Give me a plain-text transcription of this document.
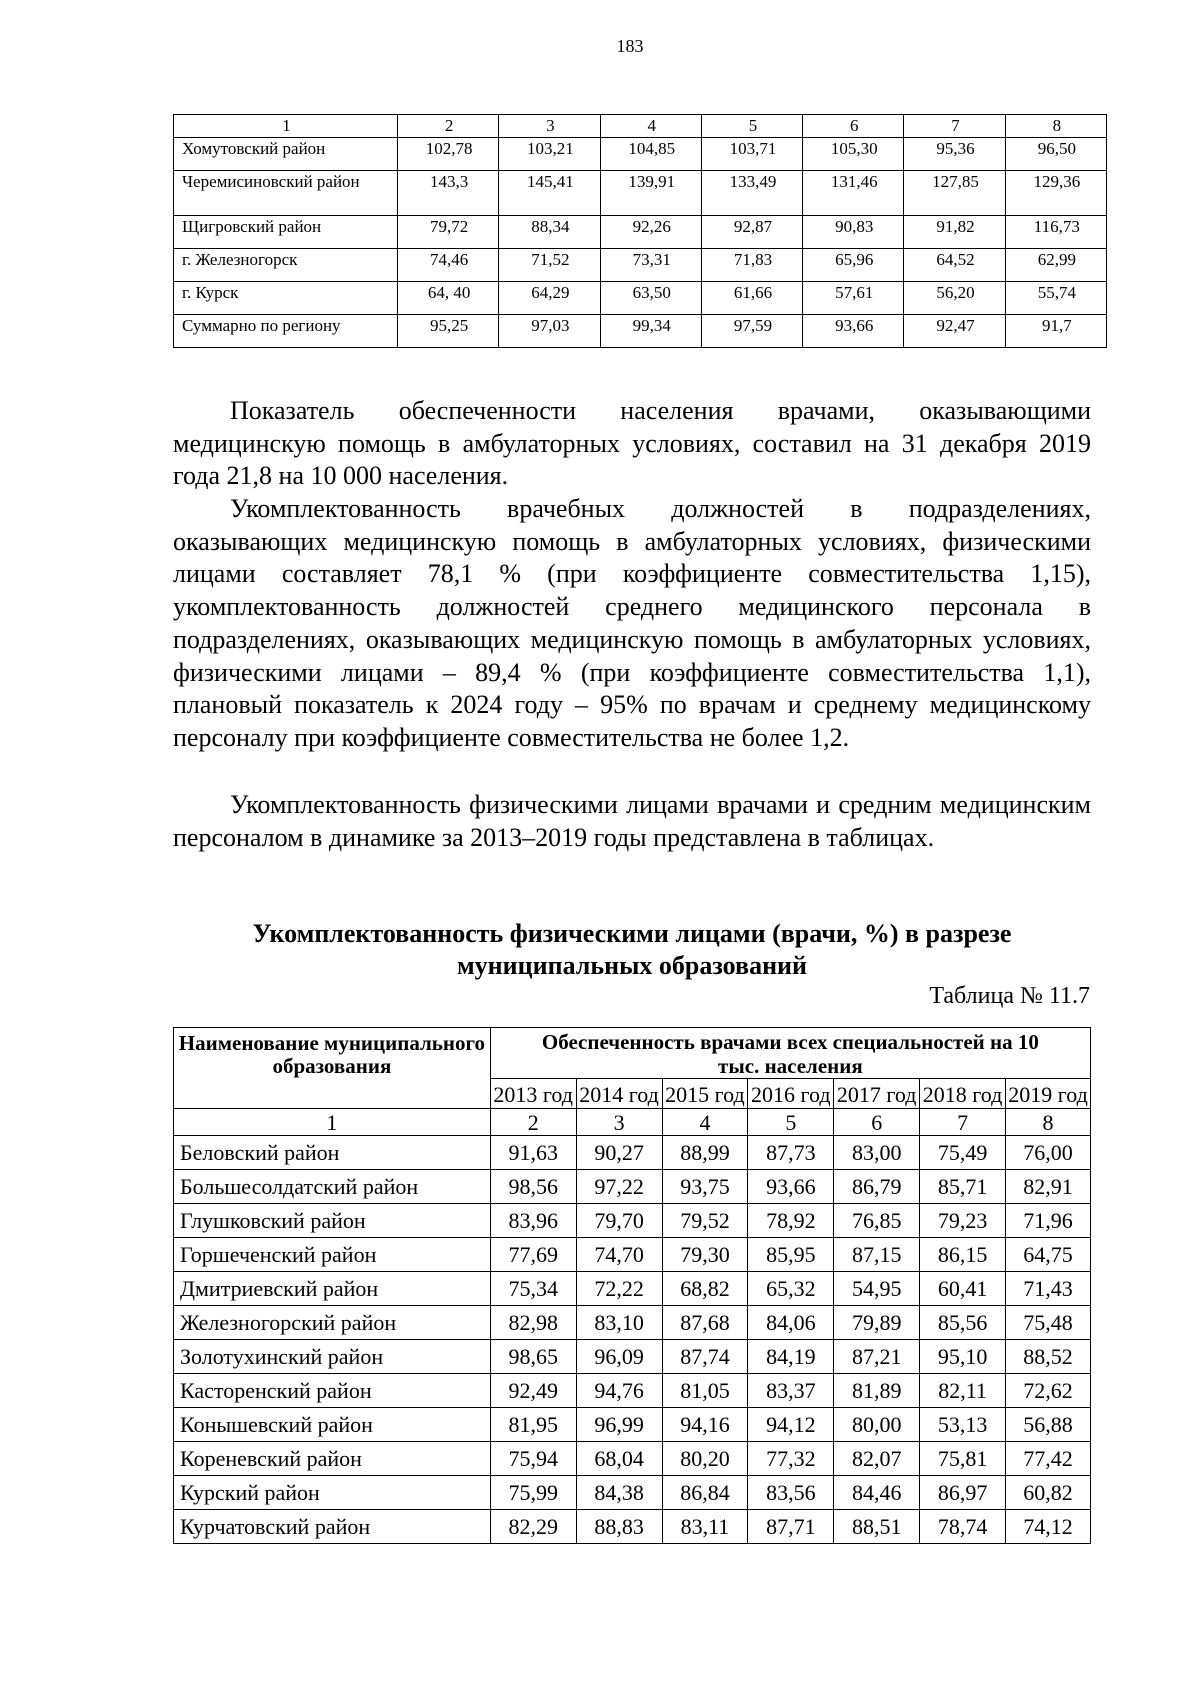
183
1	2	3	4	5	6	7	8
Хомутовский район	102,78	103,21	104,85	103,71	105,30	95,36	96,50
Черемисиновский район	143,3	145,41	139,91	133,49	131,46	127,85	129,36
Щигровский район	79,72	88,34	92,26	92,87	90,83	91,82	116,73
г. Железногорск	74,46	71,52	73,31	71,83	65,96	64,52	62,99
г. Курск	64, 40	64,29	63,50	61,66	57,61	56,20	55,74
Суммарно по региону	95,25	97,03	99,34	97,59	93,66	92,47	91,7

Показатель обеспеченности населения врачами, оказывающими медицинскую помощь в амбулаторных условиях, составил на 31 декабря 2019 года 21,8 на 10 000 населения.

Укомплектованность врачебных должностей в подразделениях, оказывающих медицинскую помощь в амбулаторных условиях, физическими лицами составляет 78,1 % (при коэффициенте совместительства 1,15), укомплектованность должностей среднего медицинского персонала в подразделениях, оказывающих медицинскую помощь в амбулаторных условиях, физическими лицами – 89,4 % (при коэффициенте совместительства 1,1), плановый показатель к 2024 году – 95% по врачам и среднему медицинскому персоналу при коэффициенте совместительства не более 1,2.

Укомплектованность физическими лицами врачами и средним медицинским персоналом в динамике за 2013–2019 годы представлена в таблицах.

Укомплектованность физическими лицами (врачи, %) в разрезе
муниципальных образований
Таблица № 11.7
Наименование муниципального образования	Обеспеченность врачами всех специальностей на 10 тыс. населения						
	2013 год	2014 год	2015 год	2016 год	2017 год	2018 год	2019 год
1	2	3	4	5	6	7	8
Беловский район	91,63	90,27	88,99	87,73	83,00	75,49	76,00
Большесолдатский район	98,56	97,22	93,75	93,66	86,79	85,71	82,91
Глушковский район	83,96	79,70	79,52	78,92	76,85	79,23	71,96
Горшеченский район	77,69	74,70	79,30	85,95	87,15	86,15	64,75
Дмитриевский район	75,34	72,22	68,82	65,32	54,95	60,41	71,43
Железногорский район	82,98	83,10	87,68	84,06	79,89	85,56	75,48
Золотухинский район	98,65	96,09	87,74	84,19	87,21	95,10	88,52
Касторенский район	92,49	94,76	81,05	83,37	81,89	82,11	72,62
Конышевский район	81,95	96,99	94,16	94,12	80,00	53,13	56,88
Кореневский район	75,94	68,04	80,20	77,32	82,07	75,81	77,42
Курский район	75,99	84,38	86,84	83,56	84,46	86,97	60,82
Курчатовский район	82,29	88,83	83,11	87,71	88,51	78,74	74,12
